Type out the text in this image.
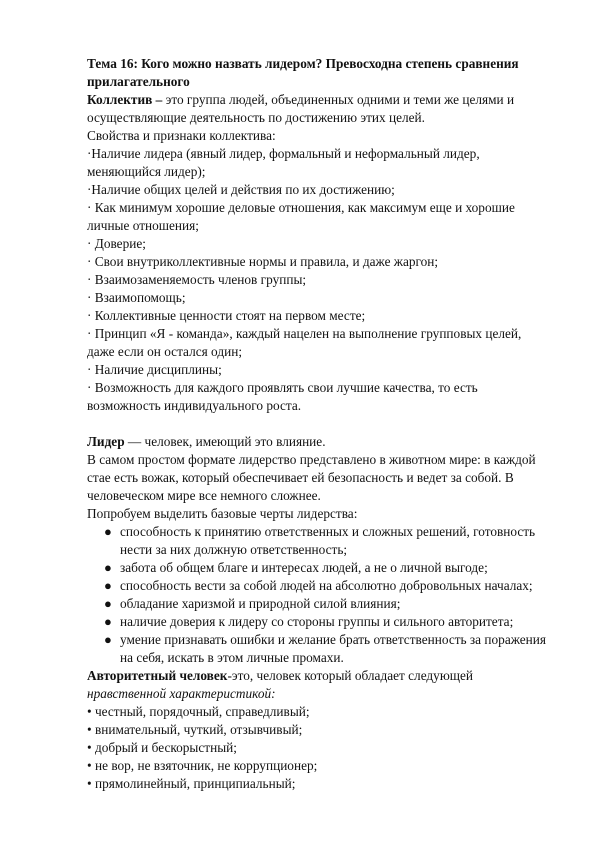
Тема 16: Кого можно назвать лидером? Превосходна степень сравнения прилагательного

Коллектив – это группа людей, объединенных одними и теми же целями и осуществляющие деятельность по достижению этих целей.

Свойства и признаки коллектива:

·Наличие лидера (явный лидер, формальный и неформальный лидер, меняющийся лидер);

·Наличие общих целей и действия по их достижению;

· Как минимум хорошие деловые отношения, как максимум еще и хорошие личные отношения;

· Доверие;

· Свои внутриколлективные нормы и правила, и даже жаргон;

· Взаимозаменяемость членов группы;

· Взаимопомощь;

· Коллективные ценности стоят на первом месте;

· Принцип «Я - команда», каждый нацелен на выполнение групповых целей, даже если он остался один;

· Наличие дисциплины;

· Возможность для каждого проявлять свои лучшие качества, то есть возможность индивидуального роста.

Лидер — человек, имеющий это влияние.

В самом простом формате лидерство представлено в животном мире: в каждой стае есть вожак, который обеспечивает ей безопасность и ведет за собой. В человеческом мире все немного сложнее.

Попробуем выделить базовые черты лидерства:

● способность к принятию ответственных и сложных решений, готовность нести за них должную ответственность;
● забота об общем благе и интересах людей, а не о личной выгоде;
● способность вести за собой людей на абсолютно добровольных началах;
● обладание харизмой и природной силой влияния;
● наличие доверия к лидеру со стороны группы и сильного авторитета;
● умение признавать ошибки и желание брать ответственность за поражения на себя, искать в этом личные промахи.

Авторитетный человек-это, человек который обладает следующей

нравственной характеристикой:

• честный, порядочный, справедливый;

• внимательный, чуткий, отзывчивый;

• добрый и бескорыстный;

• не вор, не взяточник, не коррупционер;

• прямолинейный, принципиальный;
